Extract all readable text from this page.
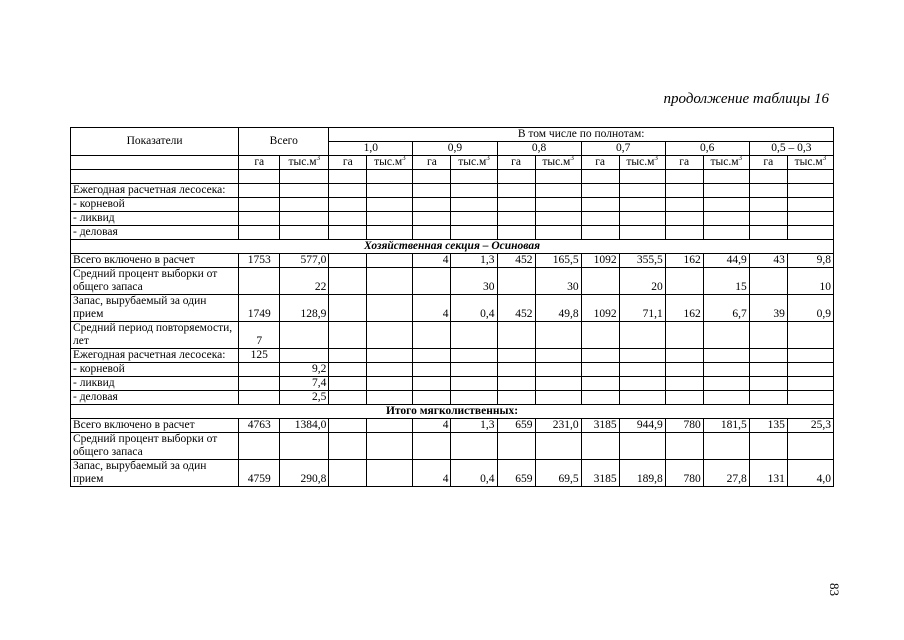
продолжение таблицы 16
Показатели	Всего		В том числе по полнотам:											
			1,0		0,9		0,8		0,7		0,6		0,5 – 0,3	
	га	$тыс.м^3$	га	$тыс.м^3$	га	$тыс.м^3$	га	$тыс.м^3$	га	$тыс.м^3$	га	$тыс.м^3$	га	$тыс.м^3$

Ежегодная расчетная лесосека:														
- корневой														
- ликвид														
- деловая														
Хозяйственная секция – Осиновая														
Всего включено в расчет	1753	577,0			4	1,3	452	165,5	1092	355,5	162	44,9	43	9,8
Средний процент выборки от общего запаса		22				30		30		20		15		10
Запас, вырубаемый за один прием	1749	128,9			4	0,4	452	49,8	1092	71,1	162	6,7	39	0,9
Средний период повторяемости, лет	7													
Ежегодная расчетная лесосека:	125													
- корневой		9,2												
- ликвид		7,4												
- деловая		2,5												
Итого мягколиственных:														
Всего включено в расчет	4763	1384,0			4	1,3	659	231,0	3185	944,9	780	181,5	135	25,3
Средний процент выборки от общего запаса														
Запас, вырубаемый за один прием	4759	290,8			4	0,4	659	69,5	3185	189,8	780	27,8	131	4,0
83
